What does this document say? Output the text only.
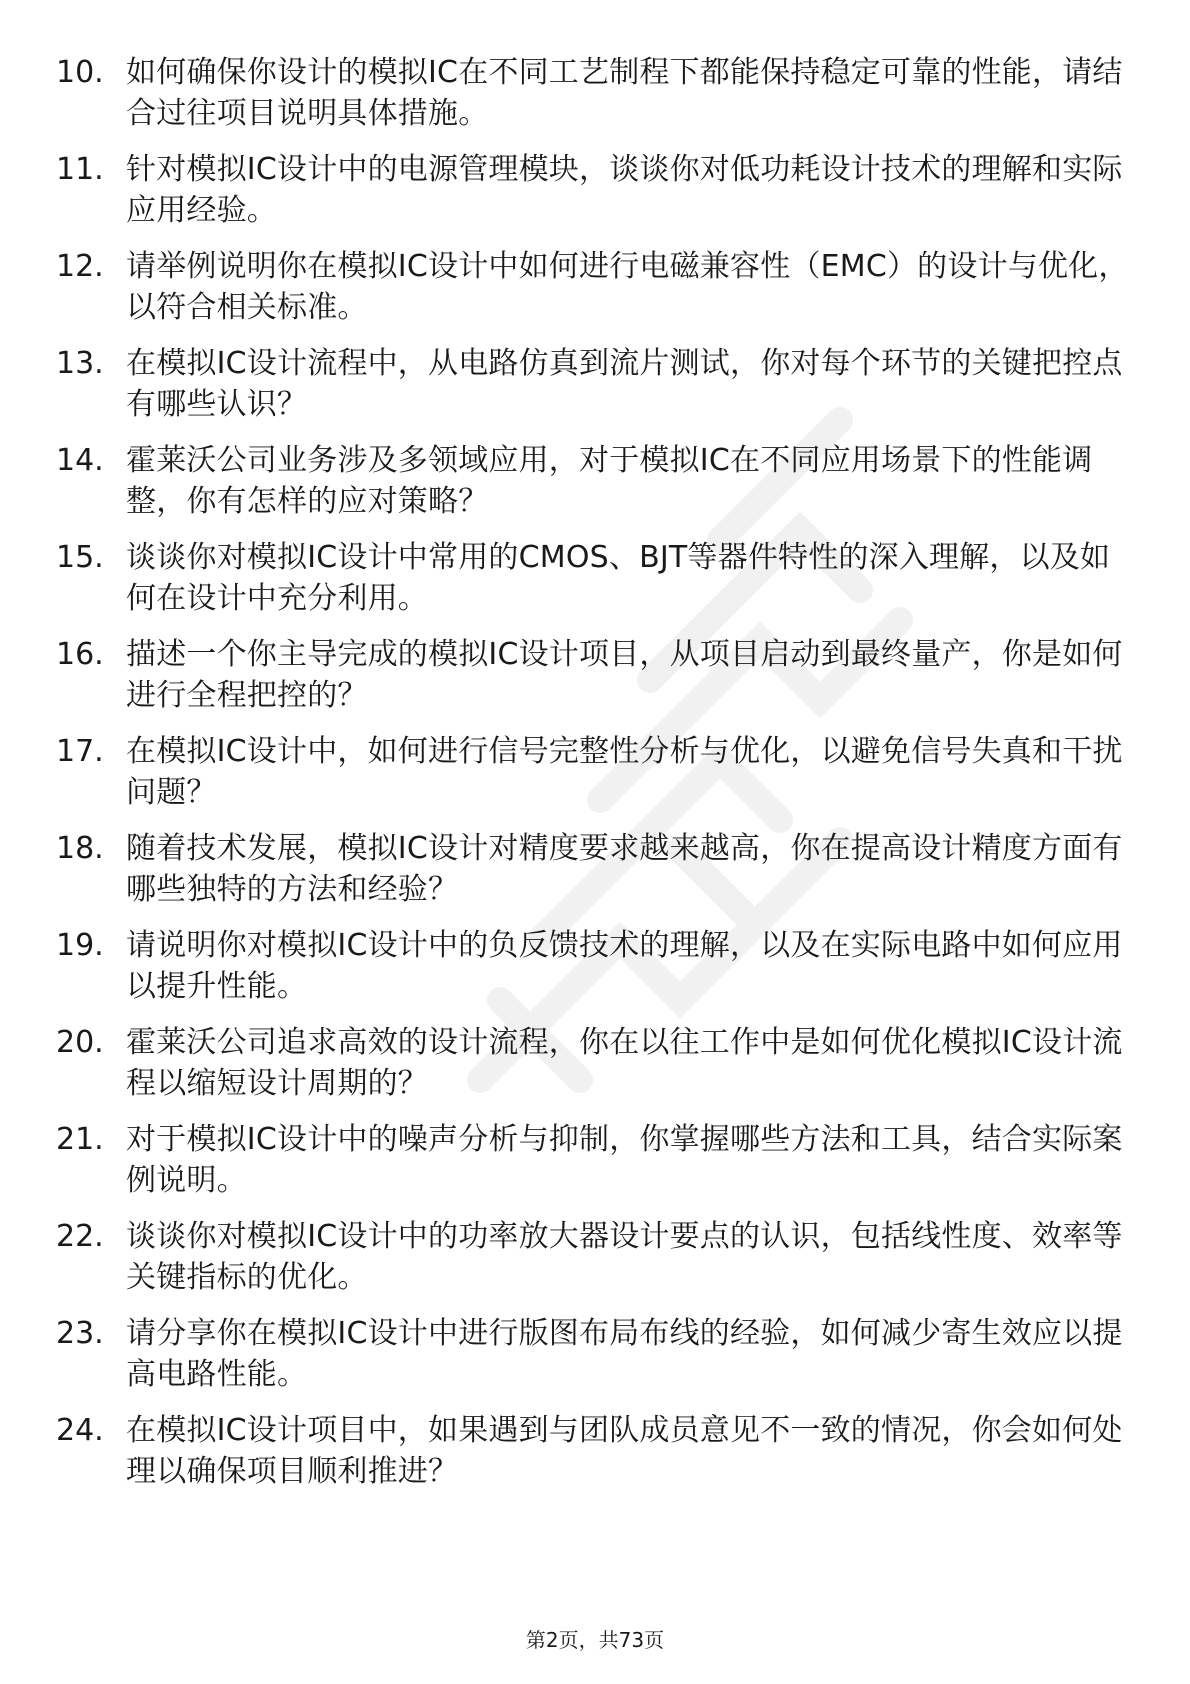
10. 如何确保你设计的模拟IC在不同工艺制程下都能保持稳定可靠的性能，请结合过往项目说明具体措施。
11. 针对模拟IC设计中的电源管理模块，谈谈你对低功耗设计技术的理解和实际应用经验。
12. 请举例说明你在模拟IC设计中如何进行电磁兼容性（EMC）的设计与优化，以符合相关标准。
13. 在模拟IC设计流程中，从电路仿真到流片测试，你对每个环节的关键把控点有哪些认识？
14. 霍莱沃公司业务涉及多领域应用，对于模拟IC在不同应用场景下的性能调整，你有怎样的应对策略？
15. 谈谈你对模拟IC设计中常用的CMOS、BJT等器件特性的深入理解，以及如何在设计中充分利用。
16. 描述一个你主导完成的模拟IC设计项目，从项目启动到最终量产，你是如何进行全程把控的？
17. 在模拟IC设计中，如何进行信号完整性分析与优化，以避免信号失真和干扰问题？
18. 随着技术发展，模拟IC设计对精度要求越来越高，你在提高设计精度方面有哪些独特的方法和经验？
19. 请说明你对模拟IC设计中的负反馈技术的理解，以及在实际电路中如何应用以提升性能。
20. 霍莱沃公司追求高效的设计流程，你在以往工作中是如何优化模拟IC设计流程以缩短设计周期的？
21. 对于模拟IC设计中的噪声分析与抑制，你掌握哪些方法和工具，结合实际案例说明。
22. 谈谈你对模拟IC设计中的功率放大器设计要点的认识，包括线性度、效率等关键指标的优化。
23. 请分享你在模拟IC设计中进行版图布局布线的经验，如何减少寄生效应以提高电路性能。
24. 在模拟IC设计项目中，如果遇到与团队成员意见不一致的情况，你会如何处理以确保项目顺利推进？
第2页，共73页
